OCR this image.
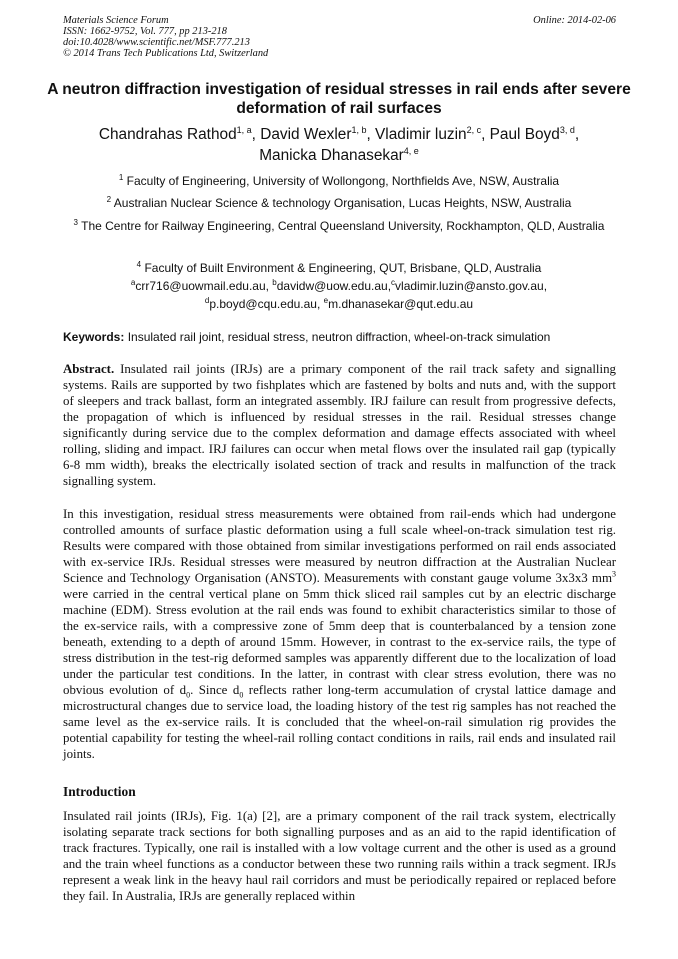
Materials Science Forum
ISSN: 1662-9752, Vol. 777, pp 213-218
doi:10.4028/www.scientific.net/MSF.777.213
© 2014 Trans Tech Publications Ltd, Switzerland
Online: 2014-02-06
A neutron diffraction investigation of residual stresses in rail ends after severe deformation of rail surfaces
Chandrahas Rathod$^{1, a}$, David Wexler$^{1, b}$, Vladimir luzin$^{2, c}$, Paul Boyd$^{3, d}$,
Manicka Dhanasekar$^{4, e}$
$^1$ Faculty of Engineering, University of Wollongong, Northfields Ave, NSW, Australia
$^2$ Australian Nuclear Science & technology Organisation, Lucas Heights, NSW, Australia
$^3$ The Centre for Railway Engineering, Central Queensland University, Rockhampton, QLD, Australia
$^4$ Faculty of Built Environment & Engineering, QUT, Brisbane, QLD, Australia
$^a$crr716@uowmail.edu.au, $^b$davidw@uow.edu.au,$^c$vladimir.luzin@ansto.gov.au,
$^d$p.boyd@cqu.edu.au, $^e$m.dhanasekar@qut.edu.au
Keywords: Insulated rail joint, residual stress, neutron diffraction, wheel-on-track simulation
Abstract. Insulated rail joints (IRJs) are a primary component of the rail track safety and signalling systems. Rails are supported by two fishplates which are fastened by bolts and nuts and, with the support of sleepers and track ballast, form an integrated assembly. IRJ failure can result from progressive defects, the propagation of which is influenced by residual stresses in the rail. Residual stresses change significantly during service due to the complex deformation and damage effects associated with wheel rolling, sliding and impact. IRJ failures can occur when metal flows over the insulated rail gap (typically 6-8 mm width), breaks the electrically isolated section of track and results in malfunction of the track signalling system.
In this investigation, residual stress measurements were obtained from rail-ends which had undergone controlled amounts of surface plastic deformation using a full scale wheel-on-track simulation test rig. Results were compared with those obtained from similar investigations performed on rail ends associated with ex-service IRJs. Residual stresses were measured by neutron diffraction at the Australian Nuclear Science and Technology Organisation (ANSTO). Measurements with constant gauge volume 3x3x3 $mm^3$ were carried in the central vertical plane on 5mm thick sliced rail samples cut by an electric discharge machine (EDM). Stress evolution at the rail ends was found to exhibit characteristics similar to those of the ex-service rails, with a compressive zone of 5mm deep that is counterbalanced by a tension zone beneath, extending to a depth of around 15mm. However, in contrast to the ex-service rails, the type of stress distribution in the test-rig deformed samples was apparently different due to the localization of load under the particular test conditions. In the latter, in contrast with clear stress evolution, there was no obvious evolution of $d_0$. Since $d_0$ reflects rather long-term accumulation of crystal lattice damage and microstructural changes due to service load, the loading history of the test rig samples has not reached the same level as the ex-service rails. It is concluded that the wheel-on-rail simulation rig provides the potential capability for testing the wheel-rail rolling contact conditions in rails, rail ends and insulated rail joints.
Introduction
Insulated rail joints (IRJs), Fig. 1(a) [2], are a primary component of the rail track system, electrically isolating separate track sections for both signalling purposes and as an aid to the rapid identification of track fractures. Typically, one rail is installed with a low voltage current and the other is used as a ground and the train wheel functions as a conductor between these two running rails within a track segment. IRJs represent a weak link in the heavy haul rail corridors and must be periodically repaired or replaced before they fail. In Australia, IRJs are generally replaced within
